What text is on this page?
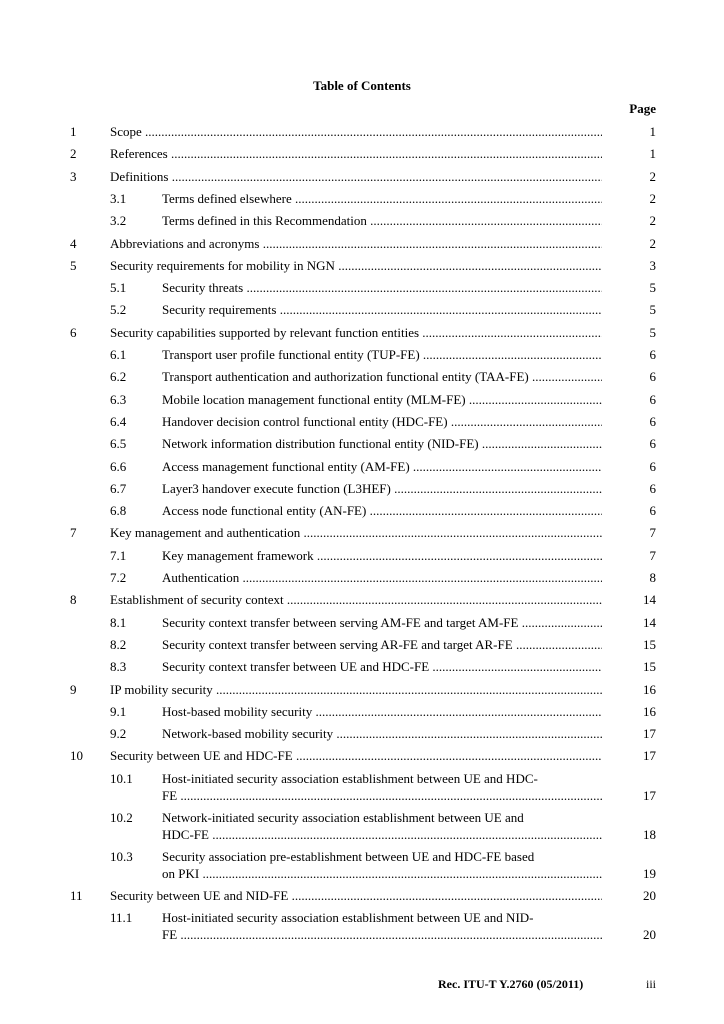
Table of Contents
Page
1	Scope .....	1
2	References .....	1
3	Definitions .....	2
3.1	Terms defined elsewhere .....	2
3.2	Terms defined in this Recommendation .....	2
4	Abbreviations and acronyms .....	2
5	Security requirements for mobility in NGN .....	3
5.1	Security threats .....	5
5.2	Security requirements .....	5
6	Security capabilities supported by relevant function entities .....	5
6.1	Transport user profile functional entity (TUP-FE) .....	6
6.2	Transport authentication and authorization functional entity (TAA-FE) .....	6
6.3	Mobile location management functional entity (MLM-FE) .....	6
6.4	Handover decision control functional entity (HDC-FE) .....	6
6.5	Network information distribution functional entity (NID-FE) .....	6
6.6	Access management functional entity (AM-FE) .....	6
6.7	Layer3 handover execute function (L3HEF) .....	6
6.8	Access node functional entity (AN-FE) .....	6
7	Key management and authentication .....	7
7.1	Key management framework .....	7
7.2	Authentication .....	8
8	Establishment of security context .....	14
8.1	Security context transfer between serving AM-FE and target AM-FE .....	14
8.2	Security context transfer between serving AR-FE and target AR-FE .....	15
8.3	Security context transfer between UE and HDC-FE .....	15
9	IP mobility security .....	16
9.1	Host-based mobility security .....	16
9.2	Network-based mobility security .....	17
10 Security between UE and HDC-FE .....	17
10.1 Host-initiated security association establishment between UE and HDC-
FE .....	17
10.2 Network-initiated security association establishment between UE and
HDC-FE .....	18
10.3 Security association pre-establishment between UE and HDC-FE based
on PKI .....	19
11 Security between UE and NID-FE .....	20
11.1 Host-initiated security association establishment between UE and NID-
FE .....	20
Rec. ITU-T Y.2760 (05/2011)	iii
